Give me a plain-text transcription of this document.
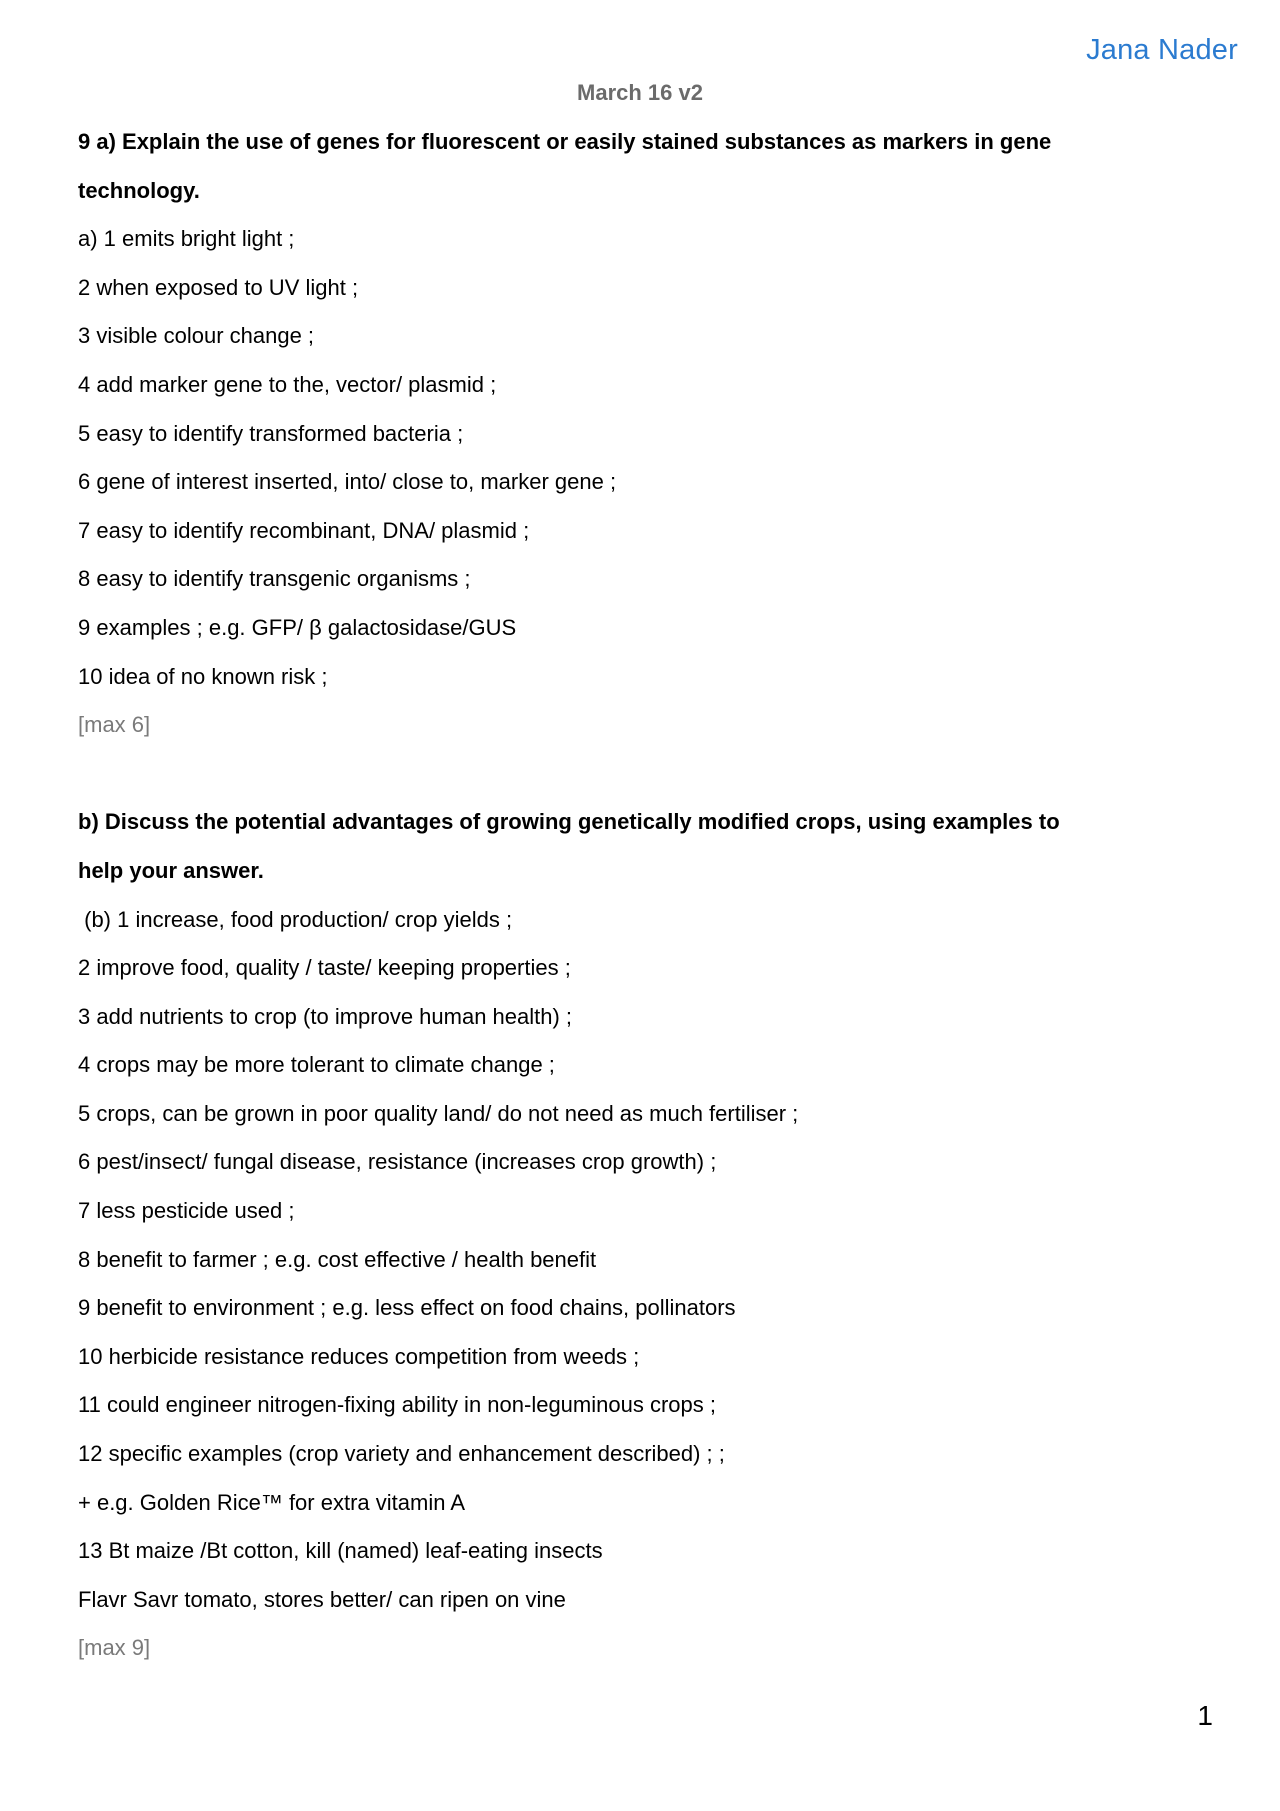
Jana Nader
March 16 v2
9 a) Explain the use of genes for fluorescent or easily stained substances as markers in gene
technology.
a) 1 emits bright light ;
2 when exposed to UV light ;
3 visible colour change ;
4 add marker gene to the, vector/ plasmid ;
5 easy to identify transformed bacteria ;
6 gene of interest inserted, into/ close to, marker gene ;
7 easy to identify recombinant, DNA/ plasmid ;
8 easy to identify transgenic organisms ;
9 examples ; e.g. GFP/ β galactosidase/GUS
10 idea of no known risk ;
[max 6]
b) Discuss the potential advantages of growing genetically modified crops, using examples to
help your answer.
(b) 1 increase, food production/ crop yields ;
2 improve food, quality / taste/ keeping properties ;
3 add nutrients to crop (to improve human health) ;
4 crops may be more tolerant to climate change ;
5 crops, can be grown in poor quality land/ do not need as much fertiliser ;
6 pest/insect/ fungal disease, resistance (increases crop growth) ;
7 less pesticide used ;
8 benefit to farmer ; e.g. cost effective / health benefit
9 benefit to environment ; e.g. less effect on food chains, pollinators
10 herbicide resistance reduces competition from weeds ;
11 could engineer nitrogen-fixing ability in non-leguminous crops ;
12 specific examples (crop variety and enhancement described) ; ;
+ e.g. Golden Rice™ for extra vitamin A
13 Bt maize /Bt cotton, kill (named) leaf-eating insects
Flavr Savr tomato, stores better/ can ripen on vine
[max 9]
1
